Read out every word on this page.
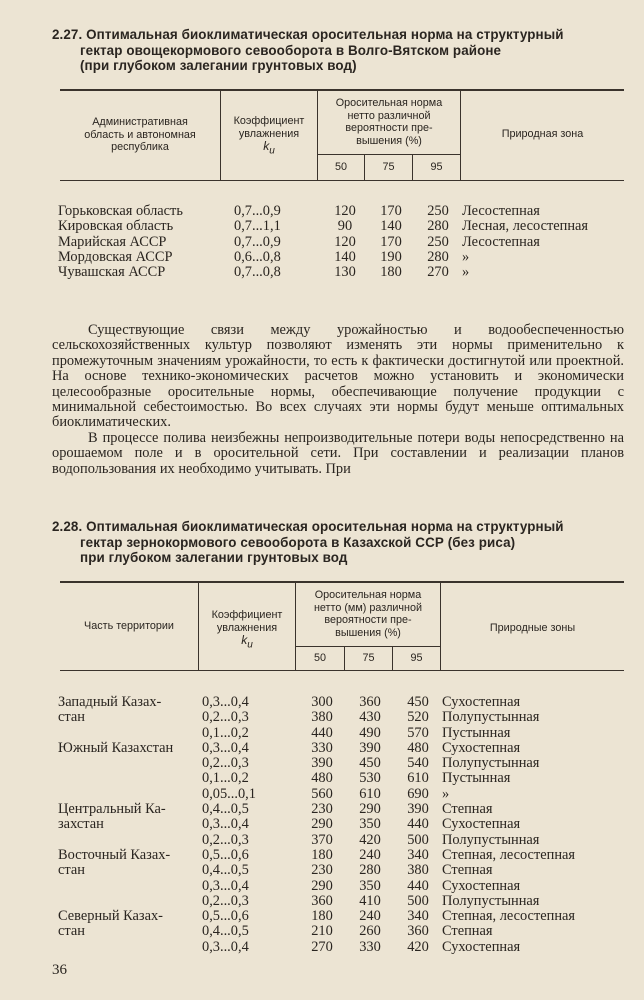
2.27. Оптимальная биоклиматическая оросительная норма на структурный
гектар овощекормового севооборота в Волго-Вятском районе
(при глубоком залегании грунтовых вод)
Административная
область и автономная
республика
Коэффициент
увлажнения
$k_u$
Оросительная норма
нетто различной
вероятности пре-
вышения (%)
50	75	95
Природная зона
Горьковская область	0,7...0,9	120	170	250	Лесостепная
Кировская область	0,7...1,1	90	140	280	Лесная, лесостепная
Марийская АССР	0,7...0,9	120	170	250	Лесостепная
Мордовская АССР	0,6...0,8	140	190	280	»
Чувашская АССР	0,7...0,8	130	180	270	»

Существующие связи между урожайностью и водообеспеченностью сельскохозяйственных культур позволяют изменять эти нормы применительно к промежуточным значениям урожайности, то есть к фактически достигнутой или проектной. На основе технико-экономических расчетов можно установить и экономически целесообразные оросительные нормы, обеспечивающие получение продукции с минимальной себестоимостью. Во всех случаях эти нормы будут меньше оптимальных биоклиматических.

В процессе полива неизбежны непроизводительные потери воды непосредственно на орошаемом поле и в оросительной сети. При составлении и реализации планов водопользования их необходимо учитывать. При

2.28. Оптимальная биоклиматическая оросительная норма на структурный
гектар зернокормового севооборота в Казахской ССР (без риса)
при глубоком залегании грунтовых вод
Часть территории
Коэффициент
увлажнения
$k_u$
Оросительная норма
нетто (мм) различной
вероятности пре-
вышения (%)
50	75	95
Природные зоны
Западный Казах-	0,3...0,4	300	360	450	Сухостепная
стан	0,2...0,3	380	430	520	Полупустынная
	0,1...0,2	440	490	570	Пустынная
Южный Казахстан	0,3...0,4	330	390	480	Сухостепная
	0,2...0,3	390	450	540	Полупустынная
	0,1...0,2	480	530	610	Пустынная
	0,05...0,1	560	610	690	»
Центральный Ка-	0,4...0,5	230	290	390	Степная
захстан	0,3...0,4	290	350	440	Сухостепная
	0,2...0,3	370	420	500	Полупустынная
Восточный Казах-	0,5...0,6	180	240	340	Степная, лесостепная
стан	0,4...0,5	230	280	380	Степная
	0,3...0,4	290	350	440	Сухостепная
	0,2...0,3	360	410	500	Полупустынная
Северный Казах-	0,5...0,6	180	240	340	Степная, лесостепная
стан	0,4...0,5	210	260	360	Степная
	0,3...0,4	270	330	420	Сухостепная
36
